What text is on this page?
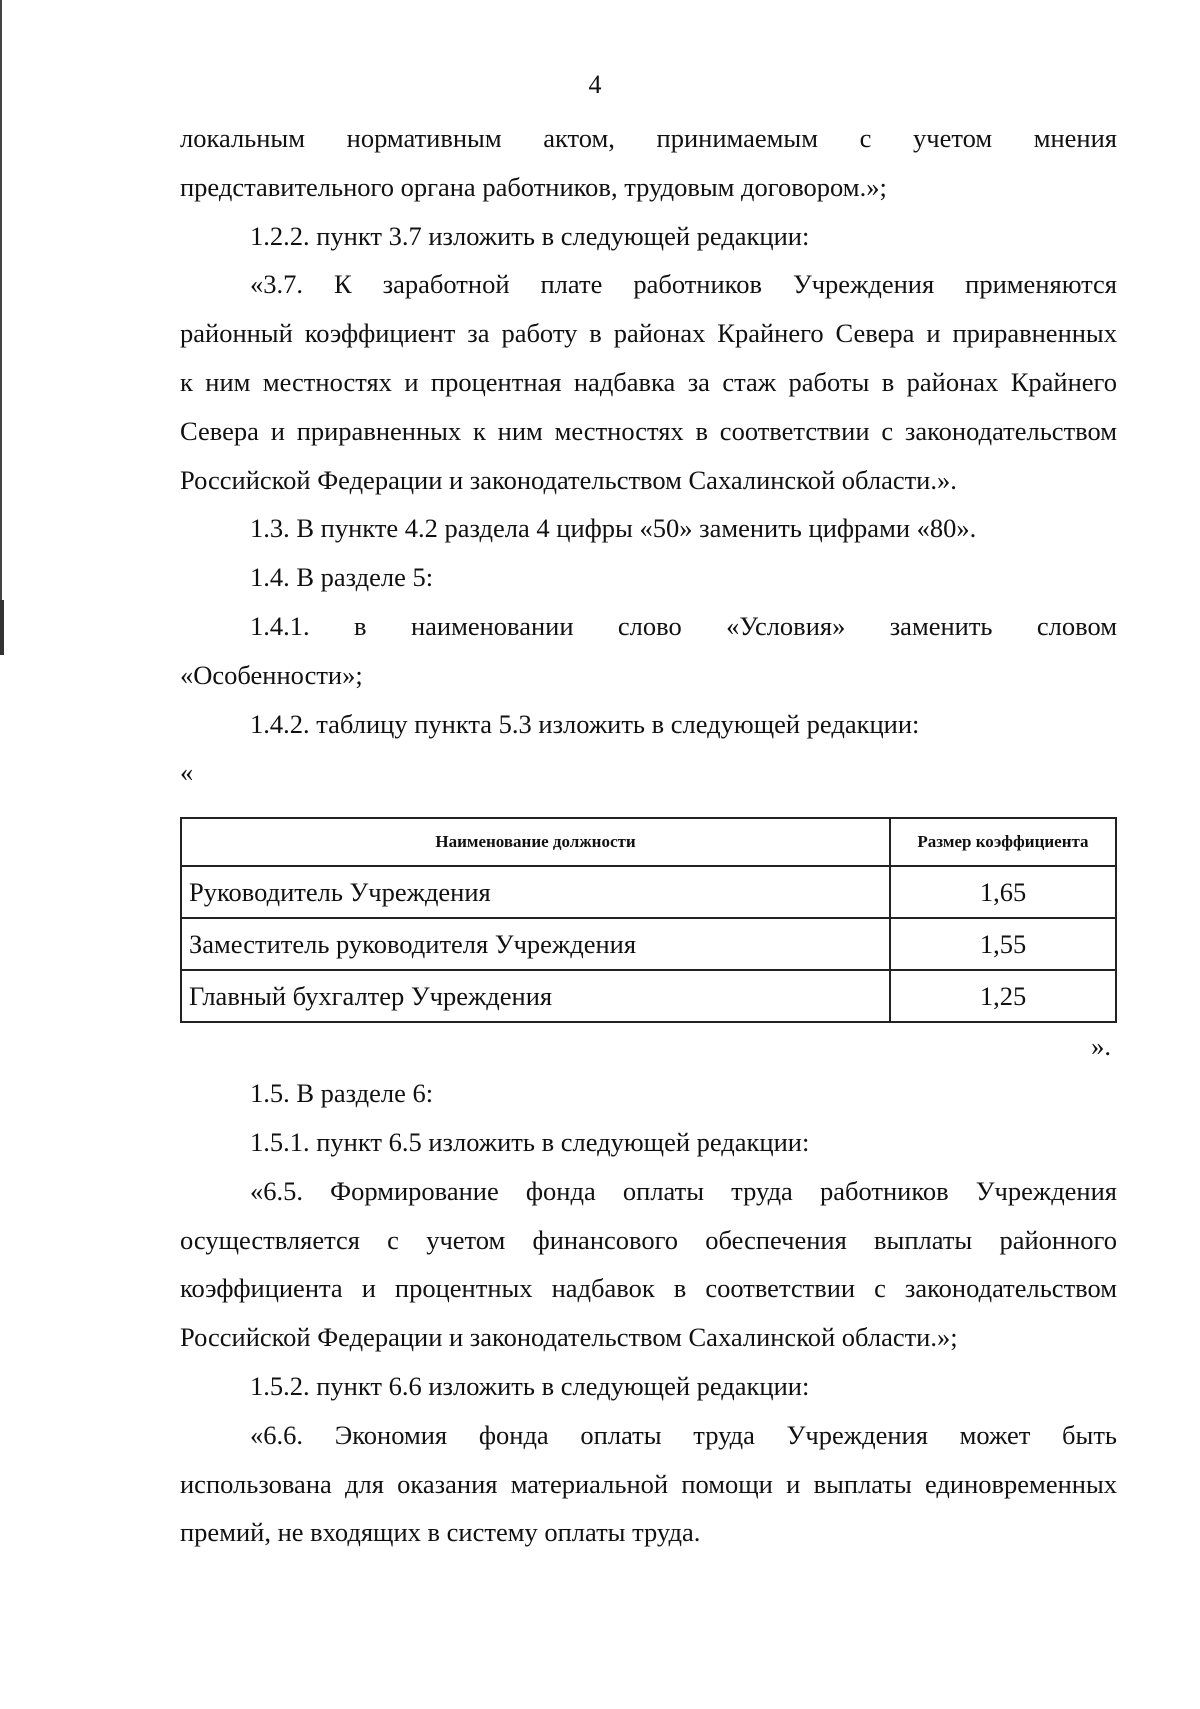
4
локальным нормативным актом, принимаемым с учетом мнения
представительного органа работников, трудовым договором.»;
1.2.2. пункт 3.7 изложить в следующей редакции:
«3.7. К заработной плате работников Учреждения применяются
районный коэффициент за работу в районах Крайнего Севера и приравненных
к ним местностях и процентная надбавка за стаж работы в районах Крайнего
Севера и приравненных к ним местностях в соответствии с законодательством
Российской Федерации и законодательством Сахалинской области.».
1.3. В пункте 4.2 раздела 4 цифры «50» заменить цифрами «80».
1.4. В разделе 5:
1.4.1. в наименовании слово «Условия» заменить словом
«Особенности»;
1.4.2. таблицу пункта 5.3 изложить в следующей редакции:
«
Наименование должности	Размер коэффициента
Руководитель Учреждения	1,65
Заместитель руководителя Учреждения	1,55
Главный бухгалтер Учреждения	1,25
».
1.5. В разделе 6:
1.5.1. пункт 6.5 изложить в следующей редакции:
«6.5. Формирование фонда оплаты труда работников Учреждения
осуществляется с учетом финансового обеспечения выплаты районного
коэффициента и процентных надбавок в соответствии с законодательством
Российской Федерации и законодательством Сахалинской области.»;
1.5.2. пункт 6.6 изложить в следующей редакции:
«6.6. Экономия фонда оплаты труда Учреждения может быть
использована для оказания материальной помощи и выплаты единовременных
премий, не входящих в систему оплаты труда.
